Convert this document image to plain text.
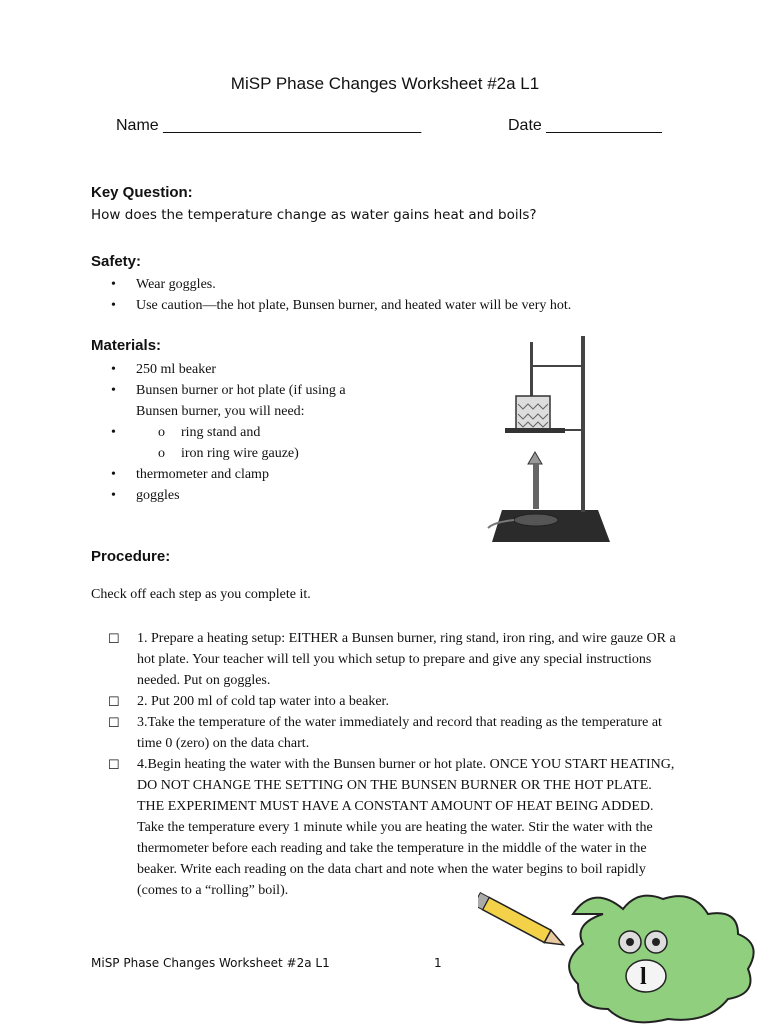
MiSP Phase Changes Worksheet #2a L1
Name _____________________________	Date _____________
Key Question:
How does the temperature change as water gains heat and boils?
Safety:
• Wear goggles.
• Use caution—the hot plate, Bunsen burner, and heated water will be very hot.
Materials:
• 250 ml beaker
• Bunsen burner or hot plate (if using a Bunsen burner, you will need:
o • ring stand and
o iron ring wire gauze)
• thermometer and clamp
• goggles
Procedure:
Check off each step as you complete it.
☐ 1. Prepare a heating setup: EITHER a Bunsen burner, ring stand, iron ring, and wire gauze OR a hot plate. Your teacher will tell you which setup to prepare and give any special instructions needed. Put on goggles.
☐ 2. Put 200 ml of cold tap water into a beaker.
☐ 3.Take the temperature of the water immediately and record that reading as the temperature at time 0 (zero) on the data chart.
☐ 4.Begin heating the water with the Bunsen burner or hot plate. ONCE YOU START HEATING, DO NOT CHANGE THE SETTING ON THE BUNSEN BURNER OR THE HOT PLATE. THE EXPERIMENT MUST HAVE A CONSTANT AMOUNT OF HEAT BEING ADDED. Take the temperature every 1 minute while you are heating the water. Stir the water with the thermometer before each reading and take the temperature in the middle of the water in the beaker. Write each reading on the data chart and note when the water begins to boil rapidly (comes to a “rolling” boil).
MiSP Phase Changes Worksheet #2a L1	1
l
